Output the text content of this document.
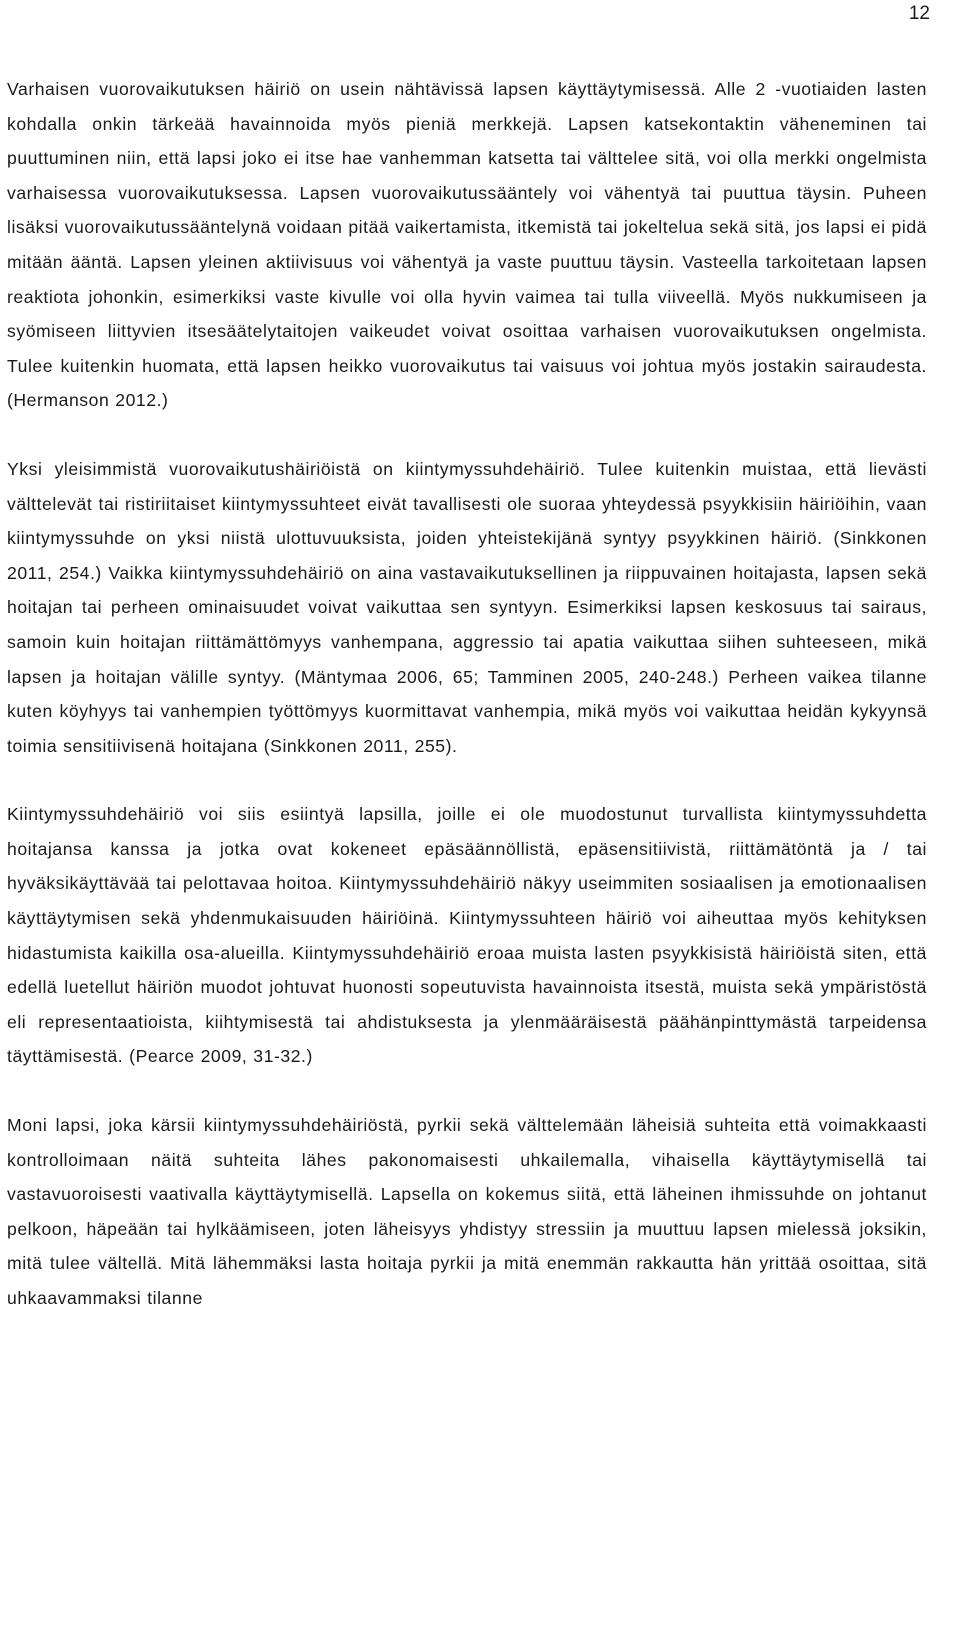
12

Varhaisen vuorovaikutuksen häiriö on usein nähtävissä lapsen käyttäytymisessä. Alle 2 -vuotiaiden lasten kohdalla onkin tärkeää havainnoida myös pieniä merkkejä. Lapsen katsekontaktin väheneminen tai puuttuminen niin, että lapsi joko ei itse hae vanhemman katsetta tai välttelee sitä, voi olla merkki ongelmista varhaisessa vuorovaikutuksessa. Lapsen vuorovaikutussääntely voi vähentyä tai puuttua täysin. Puheen lisäksi vuorovaikutussääntelynä voidaan pitää vaikertamista, itkemistä tai jokeltelua sekä sitä, jos lapsi ei pidä mitään ääntä. Lapsen yleinen aktiivisuus voi vähentyä ja vaste puuttuu täysin. Vasteella tarkoitetaan lapsen reaktiota johonkin, esimerkiksi vaste kivulle voi olla hyvin vaimea tai tulla viiveellä. Myös nukkumiseen ja syömiseen liittyvien itsesäätelytaitojen vaikeudet voivat osoittaa varhaisen vuorovaikutuksen ongelmista. Tulee kuitenkin huomata, että lapsen heikko vuorovaikutus tai vaisuus voi johtua myös jostakin sairaudesta. (Hermanson 2012.)

Yksi yleisimmistä vuorovaikutushäiriöistä on kiintymyssuhdehäiriö. Tulee kuitenkin muistaa, että lievästi välttelevät tai ristiriitaiset kiintymyssuhteet eivät tavallisesti ole suoraa yhteydessä psyykkisiin häiriöihin, vaan kiintymyssuhde on yksi niistä ulottuvuuksista, joiden yhteistekijänä syntyy psyykkinen häiriö. (Sinkkonen 2011, 254.) Vaikka kiintymyssuhdehäiriö on aina vastavaikutuksellinen ja riippuvainen hoitajasta, lapsen sekä hoitajan tai perheen ominaisuudet voivat vaikuttaa sen syntyyn. Esimerkiksi lapsen keskosuus tai sairaus, samoin kuin hoitajan riittämättömyys vanhempana, aggressio tai apatia vaikuttaa siihen suhteeseen, mikä lapsen ja hoitajan välille syntyy. (Mäntymaa 2006, 65; Tamminen 2005, 240-248.) Perheen vaikea tilanne kuten köyhyys tai vanhempien työttömyys kuormittavat vanhempia, mikä myös voi vaikuttaa heidän kykyynsä toimia sensitiivisenä hoitajana (Sinkkonen 2011, 255).

Kiintymyssuhdehäiriö voi siis esiintyä lapsilla, joille ei ole muodostunut turvallista kiintymyssuhdetta hoitajansa kanssa ja jotka ovat kokeneet epäsäännöllistä, epäsensitiivistä, riittämätöntä ja / tai hyväksikäyttävää tai pelottavaa hoitoa. Kiintymyssuhdehäiriö näkyy useimmiten sosiaalisen ja emotionaalisen käyttäytymisen sekä yhdenmukaisuuden häiriöinä. Kiintymyssuhteen häiriö voi aiheuttaa myös kehityksen hidastumista kaikilla osa-alueilla. Kiintymyssuhdehäiriö eroaa muista lasten psyykkisistä häiriöistä siten, että edellä luetellut häiriön muodot johtuvat huonosti sopeutuvista havainnoista itsestä, muista sekä ympäristöstä eli representaatioista, kiihtymisestä tai ahdistuksesta ja ylenmääräisestä päähänpinttymästä tarpeidensa täyttämisestä. (Pearce 2009, 31-32.)

Moni lapsi, joka kärsii kiintymyssuhdehäiriöstä, pyrkii sekä välttelemään läheisiä suhteita että voimakkaasti kontrolloimaan näitä suhteita lähes pakonomaisesti uhkailemalla, vihaisella käyttäytymisellä tai vastavuoroisesti vaativalla käyttäytymisellä. Lapsella on kokemus siitä, että läheinen ihmissuhde on johtanut pelkoon, häpeään tai hylkäämiseen, joten läheisyys yhdistyy stressiin ja muuttuu lapsen mielessä joksikin, mitä tulee vältellä. Mitä lähemmäksi lasta hoitaja pyrkii ja mitä enemmän rakkautta hän yrittää osoittaa, sitä uhkaavammaksi tilanne
